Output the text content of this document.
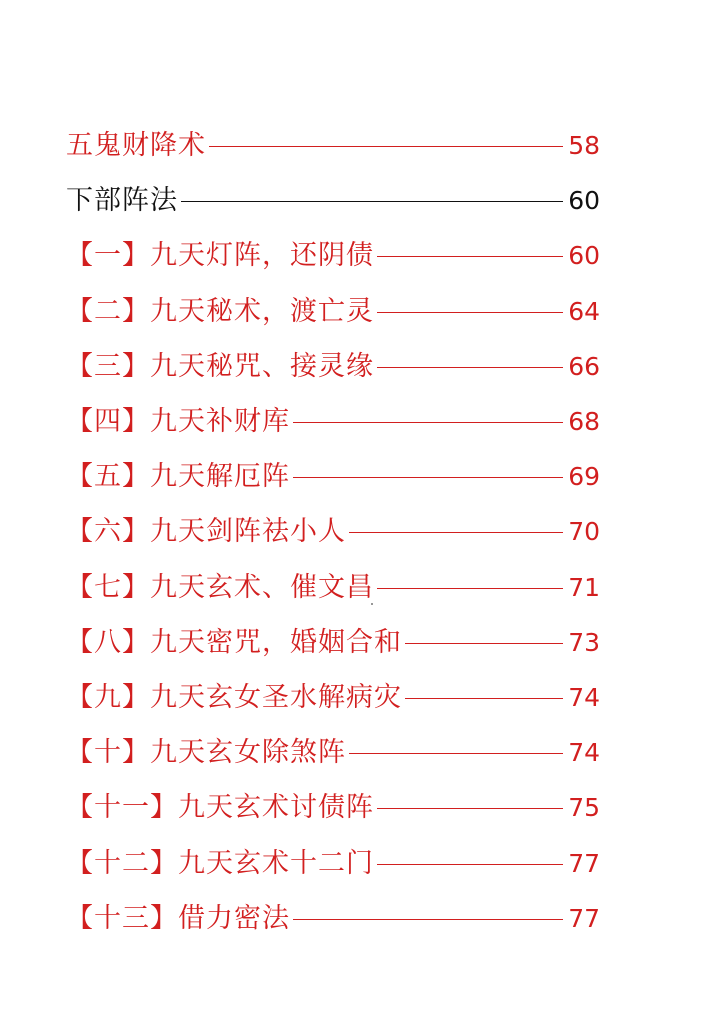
五鬼财降术	58
下部阵法	60
【一】 九天灯阵，还阴债	60
【二】 九天秘术，渡亡灵	64
【三】 九天秘咒、接灵缘	66
【四】 九天补财库	68
【五】 九天解厄阵	69
【六】 九天剑阵祛小人	70
【七】 九天玄术、催文昌	71
【八】 九天密咒，婚姻合和	73
【九】 九天玄女圣水解病灾	74
【十】 九天玄女除煞阵	74
【十一】 九天玄术讨债阵	75
【十二】 九天玄术十二门	77
【十三】 借力密法	77
